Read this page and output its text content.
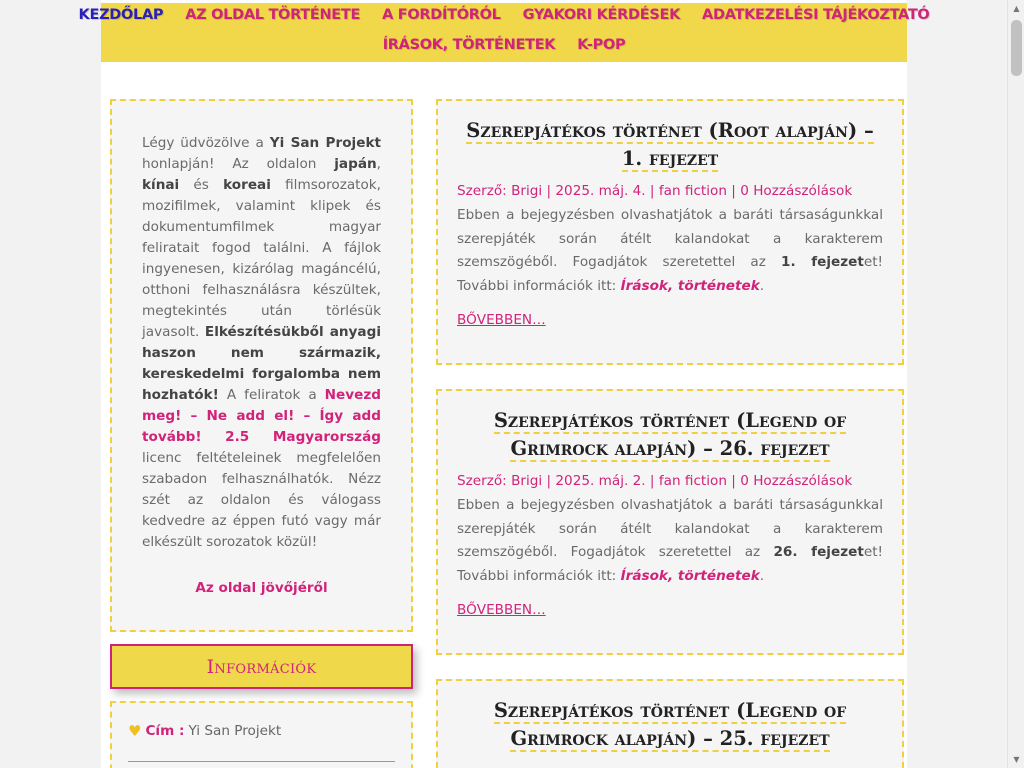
KEZDŐLAP AZ OLDAL TÖRTÉNETE A FORDÍTÓRÓL GYAKORI KÉRDÉSEK ADATKEZELÉSI TÁJÉKOZTATÓ
ÍRÁSOK, TÖRTÉNETEK K-POP

Légy üdvözölve a Yi San Projekt honlapján! Az oldalon japán, kínai és koreai filmsorozatok, mozifilmek, valamint klipek és dokumentumfilmek magyar feliratait fogod találni. A fájlok ingyenesen, kizárólag magáncélú, otthoni felhasználásra készültek, megtekintés után törlésük javasolt. Elkészítésükből anyagi haszon nem származik, kereskedelmi forgalomba nem hozhatók! A feliratok a Nevezd meg! – Ne add el! – Így add tovább! 2.5 Magyarország licenc feltételeinek megfelelően szabadon felhasználhatók. Nézz szét az oldalon és válogass kedvedre az éppen futó vagy már elkészült sorozatok közül!

Az oldal jövőjéről
Információk
♥ Cím : Yi San Projekt
Szerepjátékos történet (Root alapján) – 1. fejezet
Szerző: Brigi | 2025. máj. 4. | fan fiction | 0 Hozzászólások

Ebben a bejegyzésben olvashatjátok a baráti társaságunkkal szerepjáték során átélt kalandokat a karakterem szemszögéből. Fogadjátok szeretettel az 1. fejezetet! További információk itt: Írások, történetek.

BŐVEBBEN…
Szerepjátékos történet (Legend of Grimrock alapján) – 26. fejezet
Szerző: Brigi | 2025. máj. 2. | fan fiction | 0 Hozzászólások

Ebben a bejegyzésben olvashatjátok a baráti társaságunkkal szerepjáték során átélt kalandokat a karakterem szemszögéből. Fogadjátok szeretettel az 26. fejezetet! További információk itt: Írások, történetek.

BŐVEBBEN…
Szerepjátékos történet (Legend of Grimrock alapján) – 25. fejezet
▲
▼
